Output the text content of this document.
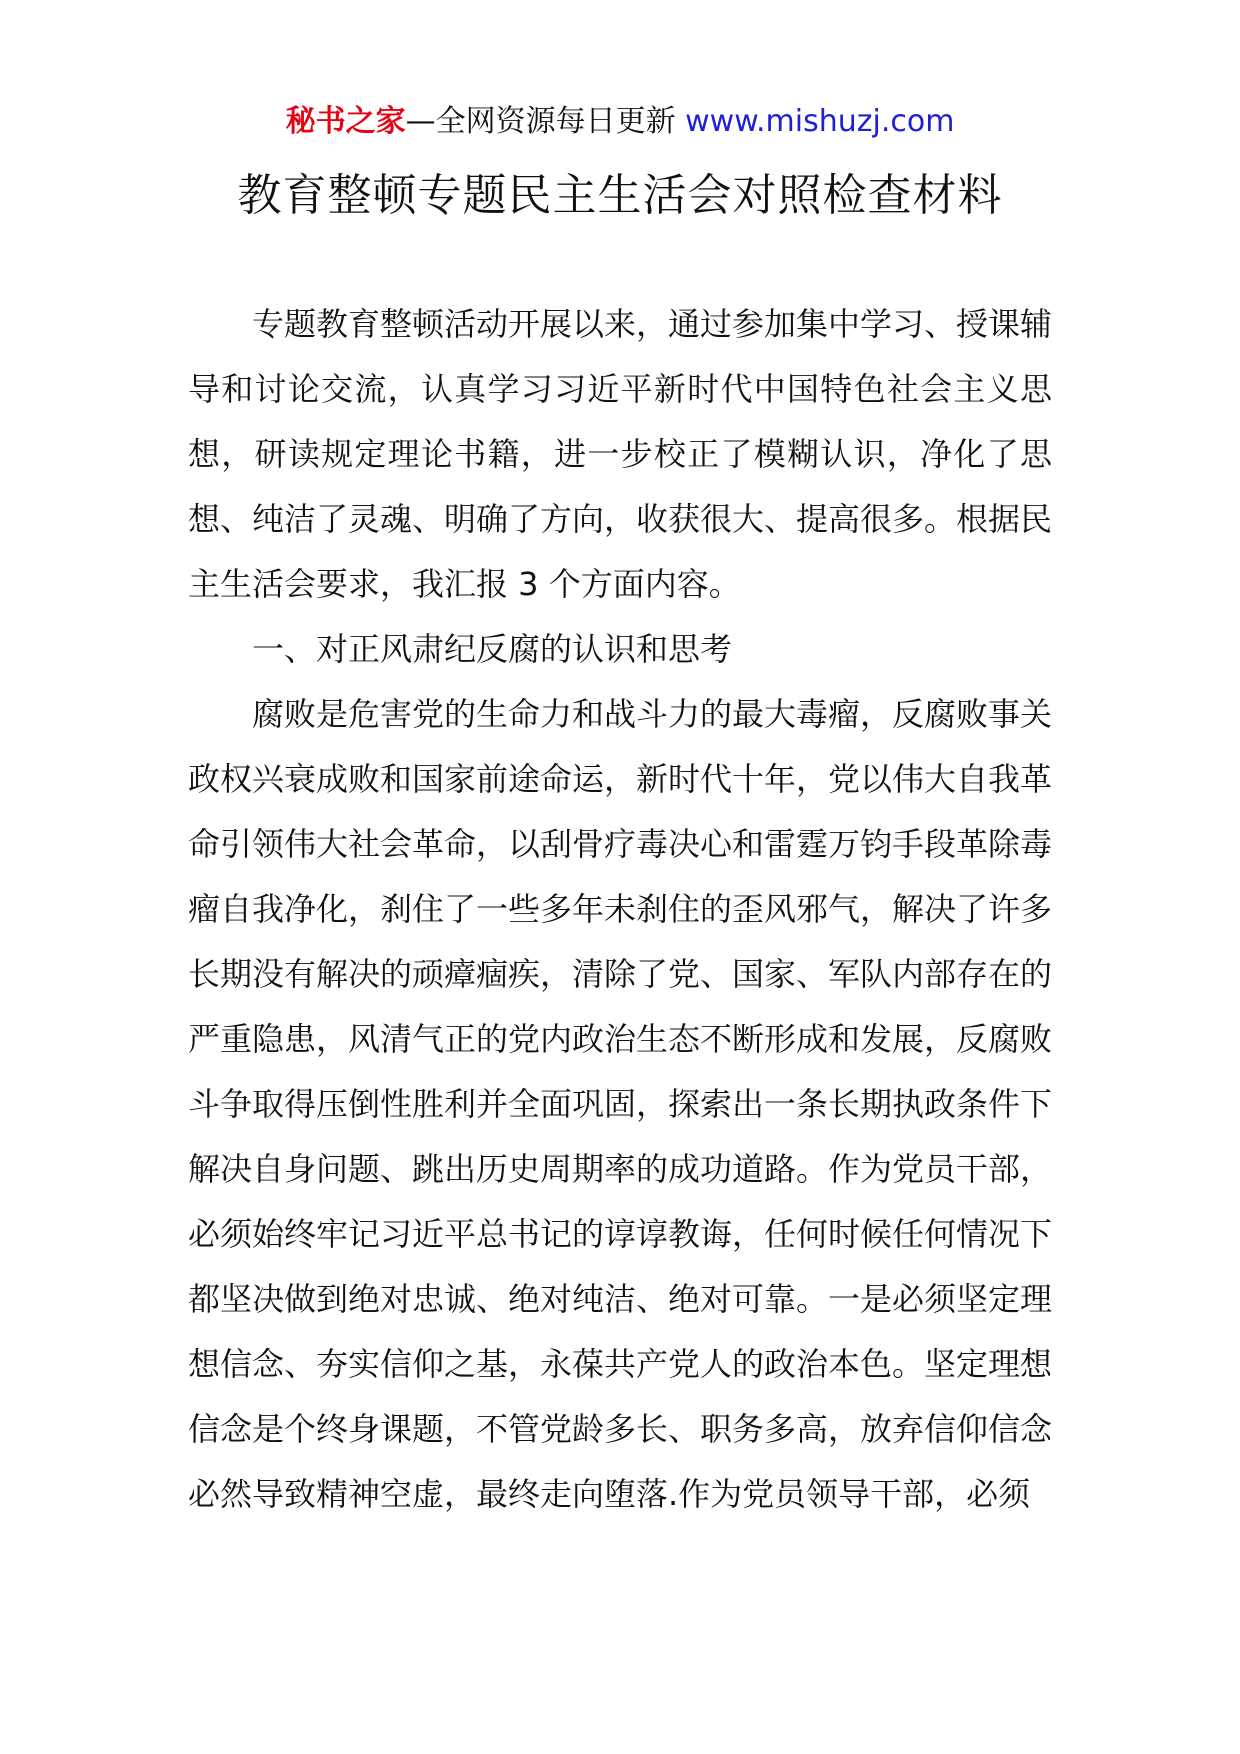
秘书之家—全网资源每日更新 www.mishuzj.com
教育整顿专题民主生活会对照检查材料

专题教育整顿活动开展以来，通过参加集中学习、授课辅导和讨论交流，认真学习习近平新时代中国特色社会主义思想，研读规定理论书籍，进一步校正了模糊认识，净化了思想、纯洁了灵魂、明确了方向，收获很大、提高很多。根据民主生活会要求，我汇报 3 个方面内容。

一、对正风肃纪反腐的认识和思考

腐败是危害党的生命力和战斗力的最大毒瘤，反腐败事关政权兴衰成败和国家前途命运，新时代十年，党以伟大自我革命引领伟大社会革命，以刮骨疗毒决心和雷霆万钧手段革除毒瘤自我净化，刹住了一些多年未刹住的歪风邪气，解决了许多长期没有解决的顽瘴痼疾，清除了党、国家、军队内部存在的严重隐患，风清气正的党内政治生态不断形成和发展，反腐败斗争取得压倒性胜利并全面巩固，探索出一条长期执政条件下解决自身问题、跳出历史周期率的成功道路。作为党员干部，必须始终牢记习近平总书记的谆谆教诲，任何时候任何情况下都坚决做到绝对忠诚、绝对纯洁、绝对可靠。一是必须坚定理想信念、夯实信仰之基，永葆共产党人的政治本色。坚定理想信念是个终身课题，不管党龄多长、职务多高，放弃信仰信念必然导致精神空虚，最终走向堕落.作为党员领导干部，必须
